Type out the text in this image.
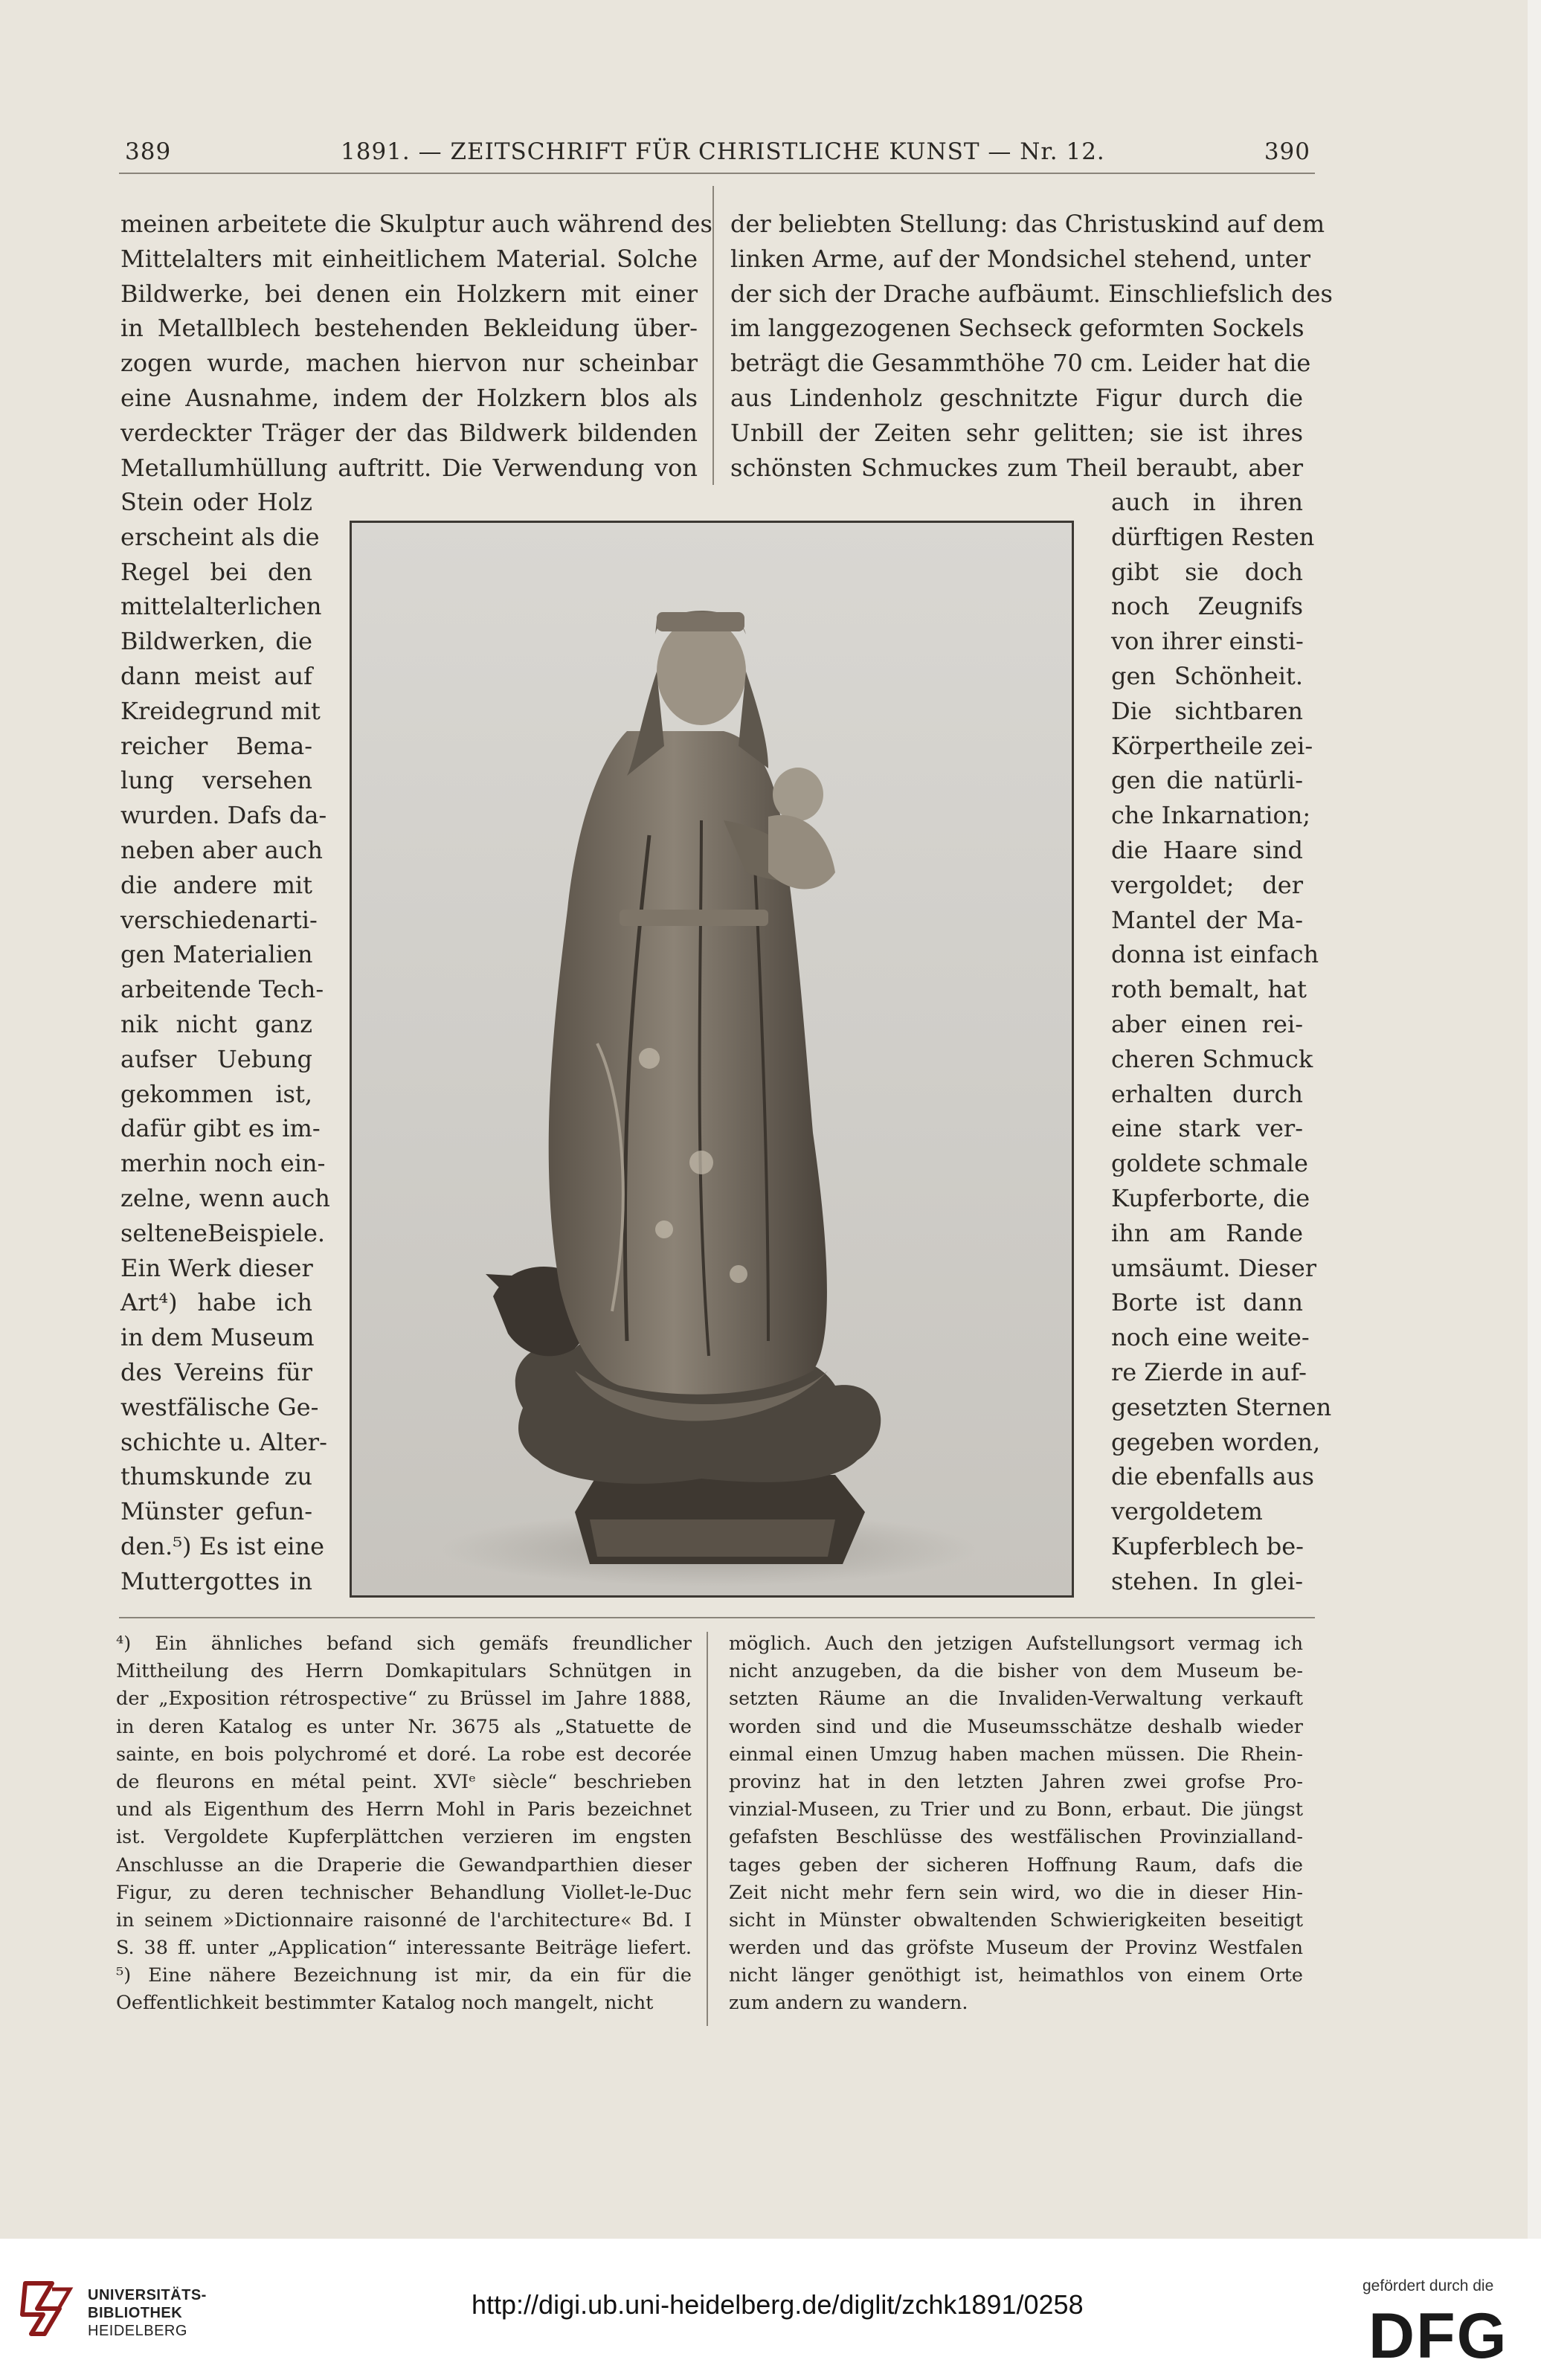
389	1891. — ZEITSCHRIFT FÜR CHRISTLICHE KUNST — Nr. 12.	390
meinen arbeitete die Skulptur auch während des
Mittelalters mit einheitlichem Material. Solche
Bildwerke, bei denen ein Holzkern mit einer
in Metallblech bestehenden Bekleidung über-
zogen wurde, machen hiervon nur scheinbar
eine Ausnahme, indem der Holzkern blos als
verdeckter Träger der das Bildwerk bildenden
Metallumhüllung auftritt. Die Verwendung von
der beliebten Stellung: das Christuskind auf dem
linken Arme, auf der Mondsichel stehend, unter
der sich der Drache aufbäumt. Einschliefslich des
im langgezogenen Sechseck geformten Sockels
beträgt die Gesammthöhe 70 cm. Leider hat die
aus Lindenholz geschnitzte Figur durch die
Unbill der Zeiten sehr gelitten; sie ist ihres
schönsten Schmuckes zum Theil beraubt, aber
Stein oder Holz
erscheint als die
Regel bei den
mittelalterlichen
Bildwerken, die
dann meist auf
Kreidegrund mit
reicher Bema-
lung versehen
wurden. Dafs da-
neben aber auch
die andere mit
verschiedenarti-
gen Materialien
arbeitende Tech-
nik nicht ganz
aufser Uebung
gekommen ist,
dafür gibt es im-
merhin noch ein-
zelne, wenn auch
selteneBeispiele.
Ein Werk dieser
Art⁴) habe ich
in dem Museum
des Vereins für
westfälische Ge-
schichte u. Alter-
thumskunde zu
Münster gefun-
den.⁵) Es ist eine
Muttergottes in
auch in ihren
dürftigen Resten
gibt sie doch
noch Zeugnifs
von ihrer einsti-
gen Schönheit.
Die sichtbaren
Körpertheile zei-
gen die natürli-
che Inkarnation;
die Haare sind
vergoldet; der
Mantel der Ma-
donna ist einfach
roth bemalt, hat
aber einen rei-
cheren Schmuck
erhalten durch
eine stark ver-
goldete schmale
Kupferborte, die
ihn am Rande
umsäumt. Dieser
Borte ist dann
noch eine weite-
re Zierde in auf-
gesetzten Sternen
gegeben worden,
die ebenfalls aus
vergoldetem
Kupferblech be-
stehen. In glei-
⁴) Ein ähnliches befand sich gemäfs freundlicher
Mittheilung des Herrn Domkapitulars Schnütgen in
der „Exposition rétrospective“ zu Brüssel im Jahre 1888,
in deren Katalog es unter Nr. 3675 als „Statuette de
sainte, en bois polychromé et doré. La robe est decorée
de fleurons en métal peint. XVIᵉ siècle“ beschrieben
und als Eigenthum des Herrn Mohl in Paris bezeichnet
ist. Vergoldete Kupferplättchen verzieren im engsten
Anschlusse an die Draperie die Gewandparthien dieser
Figur, zu deren technischer Behandlung Viollet-le-Duc
in seinem »Dictionnaire raisonné de l'architecture« Bd. I
S. 38 ff. unter „Application“ interessante Beiträge liefert.
⁵) Eine nähere Bezeichnung ist mir, da ein für die
Oeffentlichkeit bestimmter Katalog noch mangelt, nicht
möglich. Auch den jetzigen Aufstellungsort vermag ich
nicht anzugeben, da die bisher von dem Museum be-
setzten Räume an die Invaliden-Verwaltung verkauft
worden sind und die Museumsschätze deshalb wieder
einmal einen Umzug haben machen müssen. Die Rhein-
provinz hat in den letzten Jahren zwei grofse Pro-
vinzial-Museen, zu Trier und zu Bonn, erbaut. Die jüngst
gefafsten Beschlüsse des westfälischen Provinzialland-
tages geben der sicheren Hoffnung Raum, dafs die
Zeit nicht mehr fern sein wird, wo die in dieser Hin-
sicht in Münster obwaltenden Schwierigkeiten beseitigt
werden und das gröfste Museum der Provinz Westfalen
nicht länger genöthigt ist, heimathlos von einem Orte
zum andern zu wandern.
UNIVERSITÄTS-
BIBLIOTHEK
HEIDELBERG
http://digi.ub.uni-heidelberg.de/diglit/zchk1891/0258
gefördert durch die
DFG
